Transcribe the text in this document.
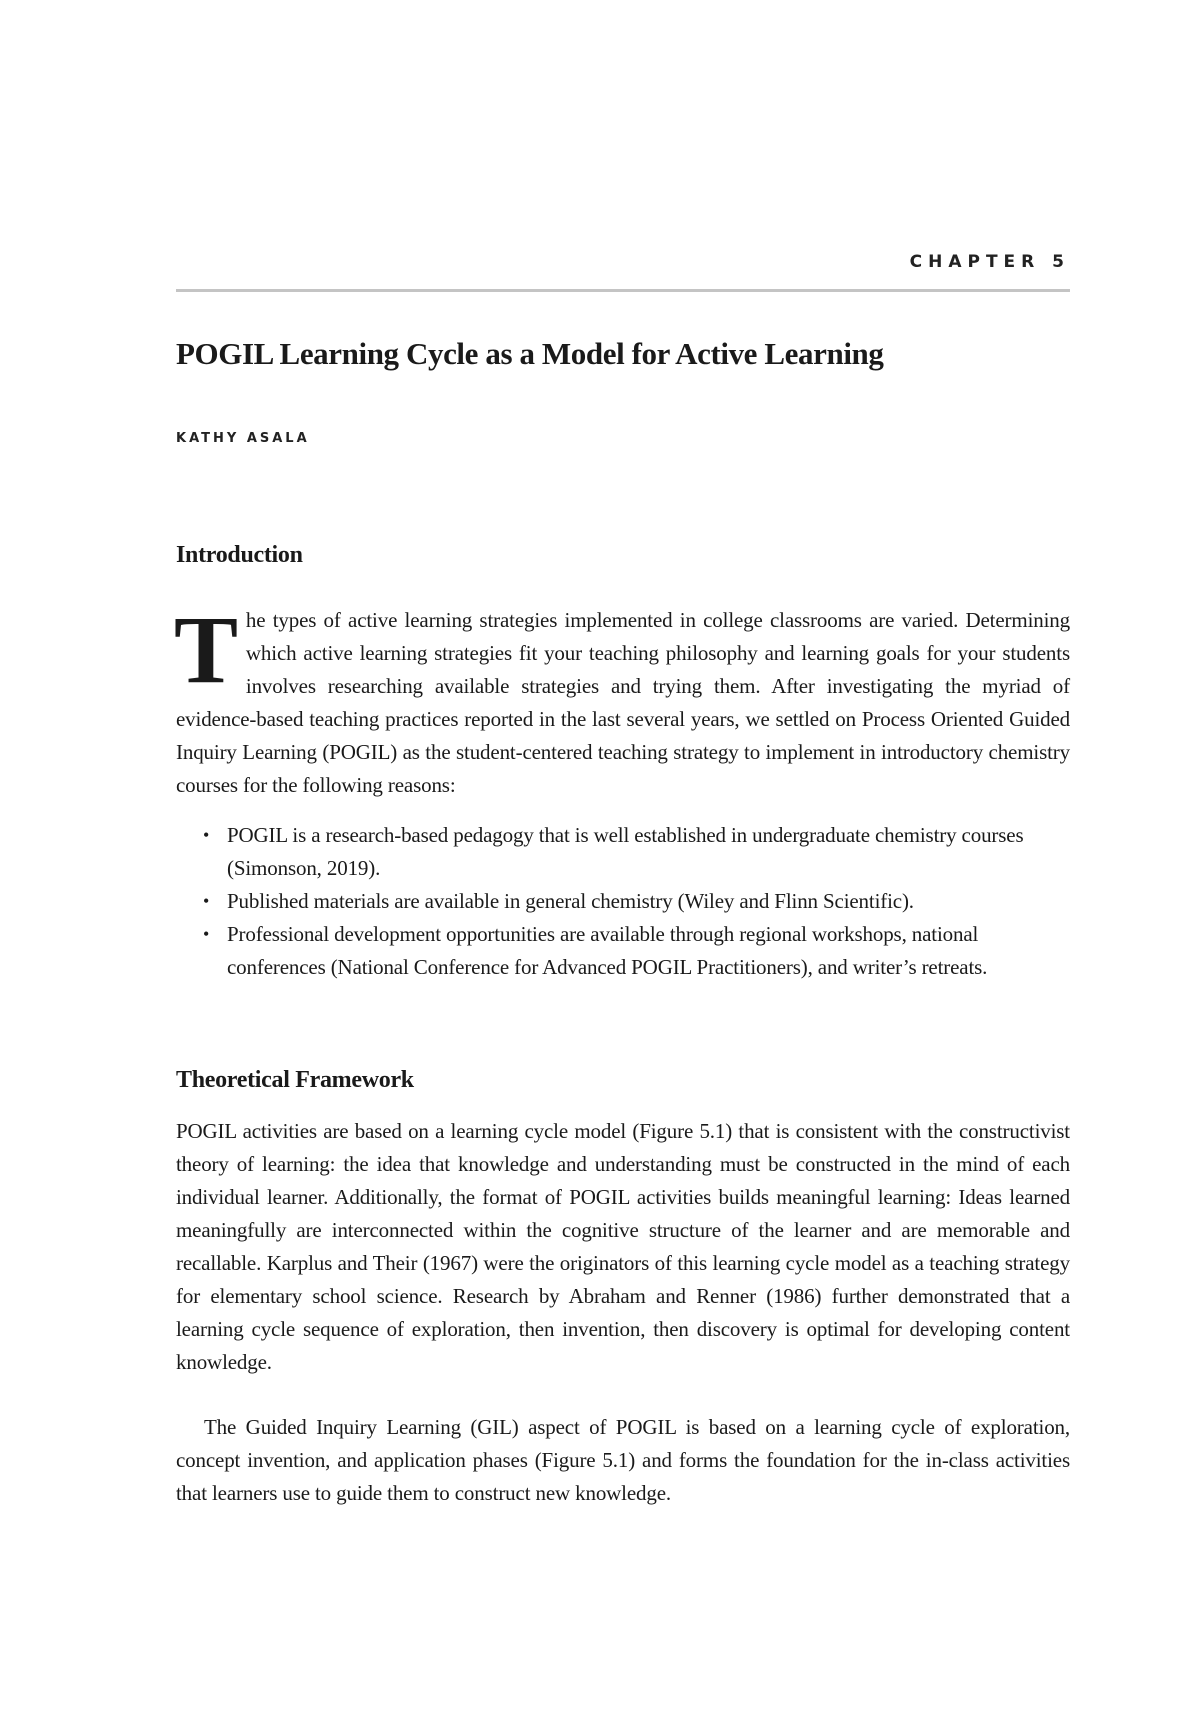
CHAPTER 5

POGIL Learning Cycle as a Model for Active Learning

KATHY ASALA

Introduction

The types of active learning strategies implemented in college classrooms are varied. Determining which active learning strategies fit your teaching philosophy and learning goals for your students involves researching available strategies and trying them. After investigating the myriad of evidence-based teaching practices reported in the last several years, we settled on Process Oriented Guided Inquiry Learning (POGIL) as the student-centered teaching strategy to implement in introductory chemistry courses for the following reasons:

• POGIL is a research-based pedagogy that is well established in undergraduate chemistry courses (Simonson, 2019).
• Published materials are available in general chemistry (Wiley and Flinn Scientific).
• Professional development opportunities are available through regional workshops, national conferences (National Conference for Advanced POGIL Practitioners), and writer’s retreats.
Theoretical Framework

POGIL activities are based on a learning cycle model (Figure 5.1) that is consistent with the constructivist theory of learning: the idea that knowledge and understanding must be constructed in the mind of each individual learner. Additionally, the format of POGIL activities builds meaningful learning: Ideas learned meaningfully are interconnected within the cognitive structure of the learner and are memorable and recallable. Karplus and Their (1967) were the originators of this learning cycle model as a teaching strategy for elementary school science. Research by Abraham and Renner (1986) further demonstrated that a learning cycle sequence of exploration, then invention, then discovery is optimal for developing content knowledge.

The Guided Inquiry Learning (GIL) aspect of POGIL is based on a learning cycle of exploration, concept invention, and application phases (Figure 5.1) and forms the foundation for the in-class activities that learners use to guide them to construct new knowledge.
